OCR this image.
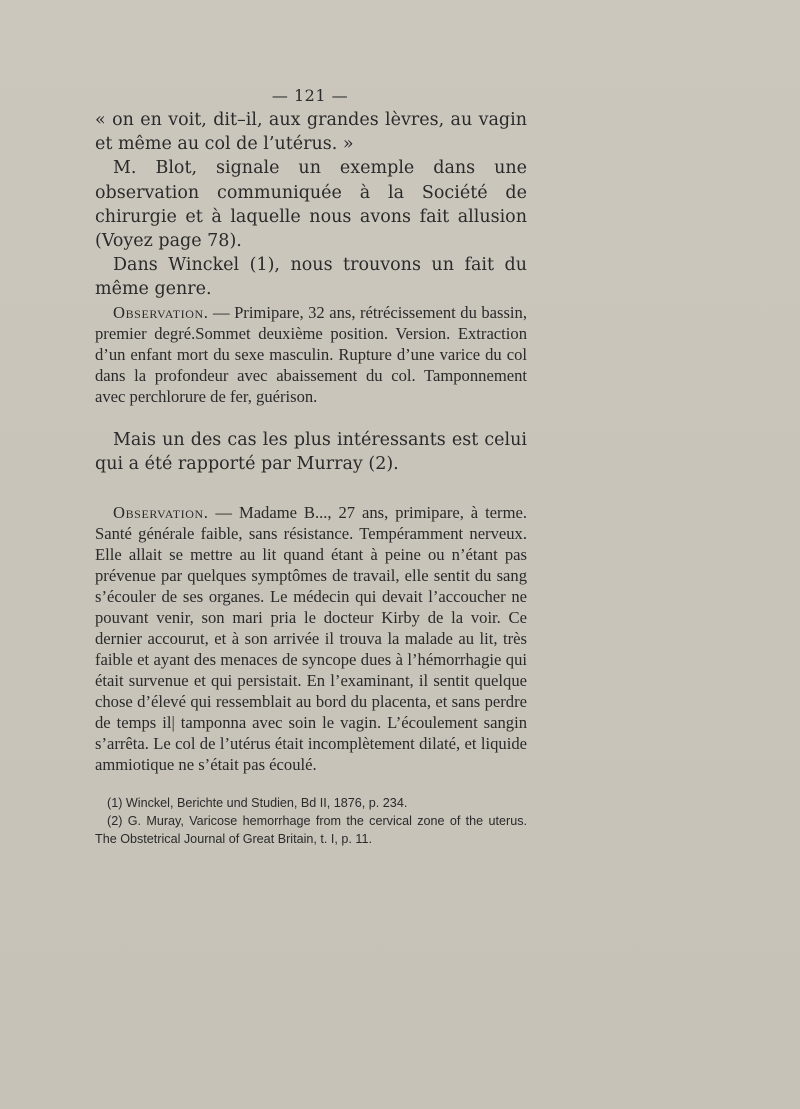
— 121 —

« on en voit, dit–il, aux grandes lèvres, au vagin et même au col de l’utérus. »

M. Blot, signale un exemple dans une observation communiquée à la Société de chirurgie et à laquelle nous avons fait allusion (Voyez page 78).

Dans Winckel (1), nous trouvons un fait du même genre.

Observation. — Primipare, 32 ans, rétrécissement du bassin, premier degré.Sommet deuxième position. Version. Extraction d’un enfant mort du sexe masculin. Rupture d’une varice du col dans la profondeur avec abaissement du col. Tamponnement avec perchlorure de fer, guérison.

Mais un des cas les plus intéressants est celui qui a été rapporté par Murray (2).

Observation. — Madame B..., 27 ans, primipare, à terme. Santé générale faible, sans résistance. Tempéramment nerveux. Elle allait se mettre au lit quand étant à peine ou n’étant pas prévenue par quelques symptômes de travail, elle sentit du sang s’écouler de ses organes. Le médecin qui devait l’accoucher ne pouvant venir, son mari pria le docteur Kirby de la voir. Ce dernier accourut, et à son arrivée il trouva la malade au lit, très faible et ayant des menaces de syncope dues à l’hémorrhagie qui était survenue et qui persistait. En l’examinant, il sentit quelque chose d’élevé qui ressemblait au bord du placenta, et sans perdre de temps il| tamponna avec soin le vagin. L’écoulement sangin s’arrêta. Le col de l’utérus était incomplètement dilaté, et liquide ammiotique ne s’était pas écoulé.

(1) Winckel, Berichte und Studien, Bd II, 1876, p. 234.

(2) G. Muray, Varicose hemorrhage from the cervical zone of the uterus. The Obstetrical Journal of Great Britain, t. I, p. 11.
